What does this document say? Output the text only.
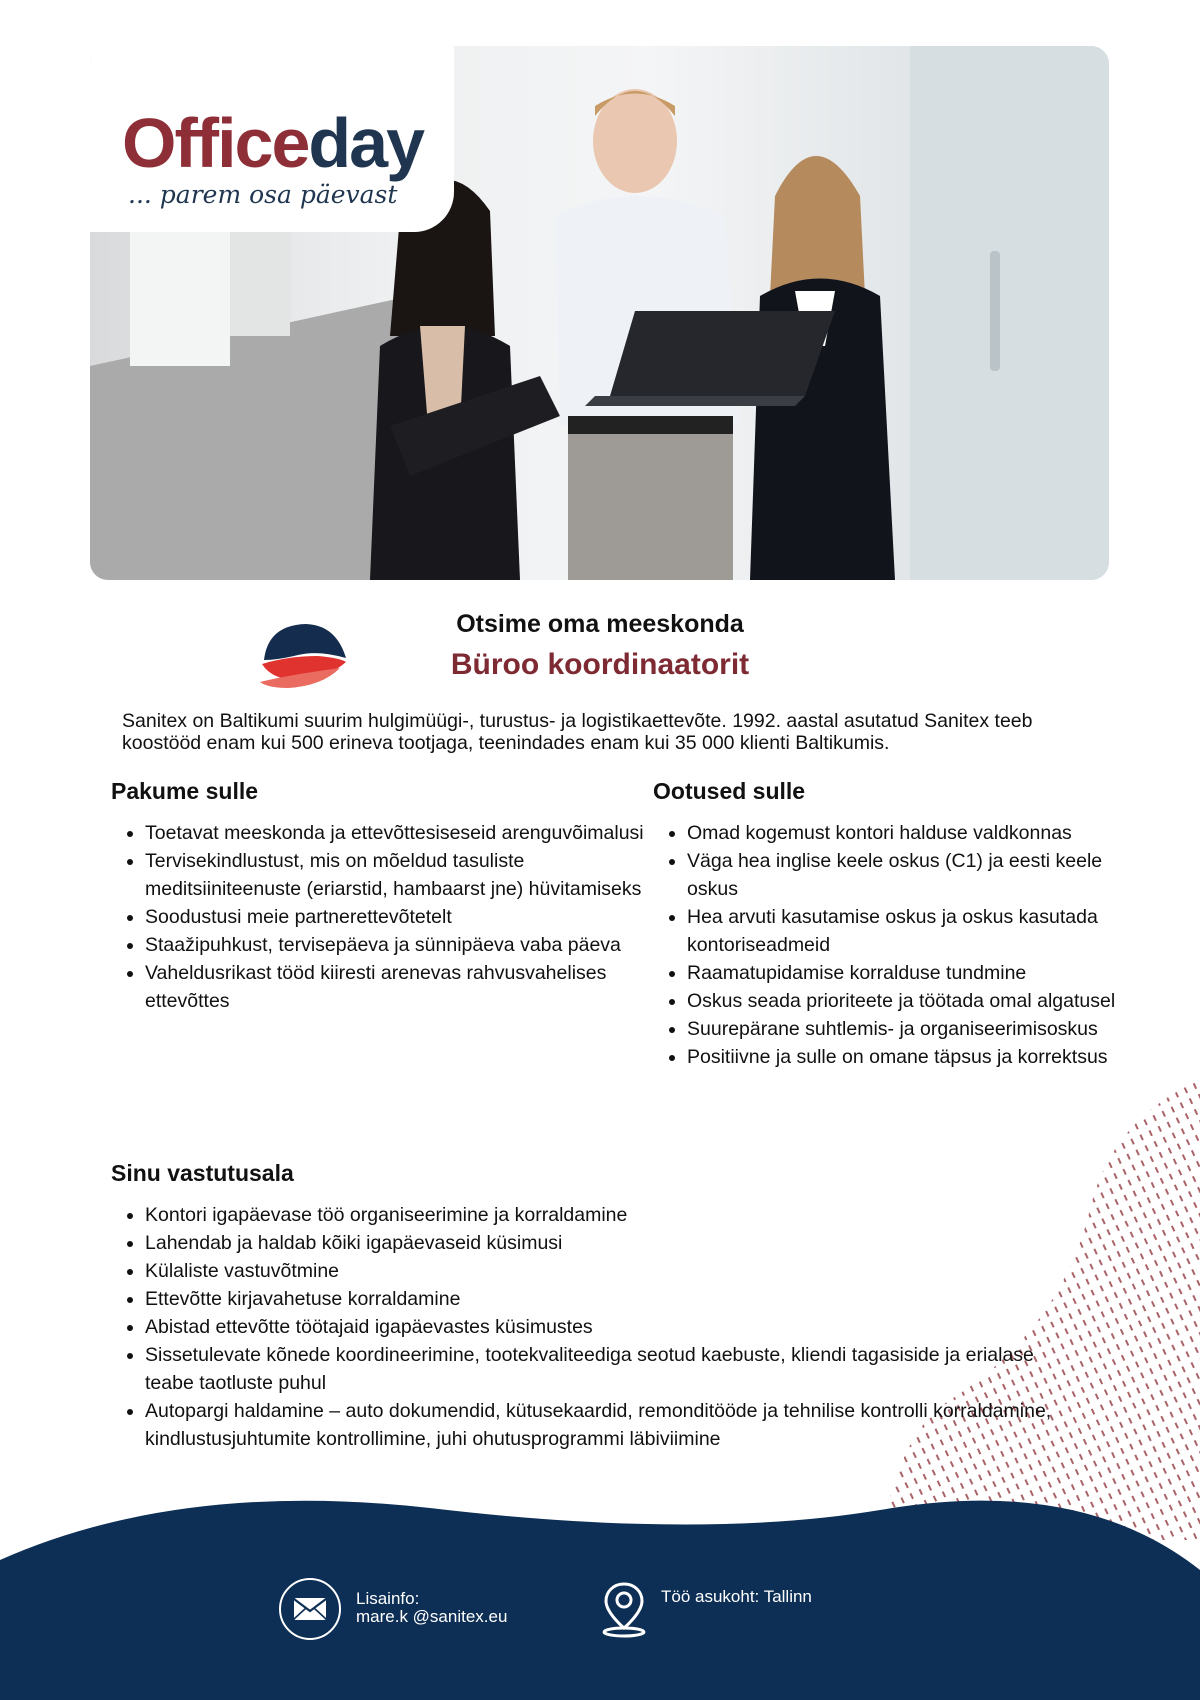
Officeday
... parem osa päevast
Otsime oma meeskonda
Büroo koordinaatorit
Sanitex on Baltikumi suurim hulgimüügi-, turustus- ja logistikaettevõte. 1992. aastal asutatud Sanitex teeb koostööd enam kui 500 erineva tootjaga, teenindades enam kui 35 000 klienti Baltikumis.
Pakume sulle
• Toetavat meeskonda ja ettevõttesiseseid arenguvõimalusi
• Tervisekindlustust, mis on mõeldud tasuliste meditsiiniteenuste (eriarstid, hambaarst jne) hüvitamiseks
• Soodustusi meie partnerettevõtetelt
• Staažipuhkust, tervisepäeva ja sünnipäeva vaba päeva
• Vaheldusrikast tööd kiiresti arenevas rahvusvahelises ettevõttes
Ootused sulle
• Omad kogemust kontori halduse valdkonnas
• Väga hea inglise keele oskus (C1) ja eesti keele oskus
• Hea arvuti kasutamise oskus ja oskus kasutada kontoriseadmeid
• Raamatupidamise korralduse tundmine
• Oskus seada prioriteete ja töötada omal algatusel
• Suurepärane suhtlemis- ja organiseerimisoskus
• Positiivne ja sulle on omane täpsus ja korrektsus
Sinu vastutusala
• Kontori igapäevase töö organiseerimine ja korraldamine
• Lahendab ja haldab kõiki igapäevaseid küsimusi
• Külaliste vastuvõtmine
• Ettevõtte kirjavahetuse korraldamine
• Abistad ettevõtte töötajaid igapäevastes küsimustes
• Sissetulevate kõnede koordineerimine, tootekvaliteediga seotud kaebuste, kliendi tagasiside ja erialase teabe taotluste puhul
• Autopargi haldamine – auto dokumendid, kütusekaardid, remonditööde ja tehnilise kontrolli korraldamine, kindlustusjuhtumite kontrollimine, juhi ohutusprogrammi läbiviimine
Lisainfo:
mare.k @sanitex.eu
Töö asukoht: Tallinn
